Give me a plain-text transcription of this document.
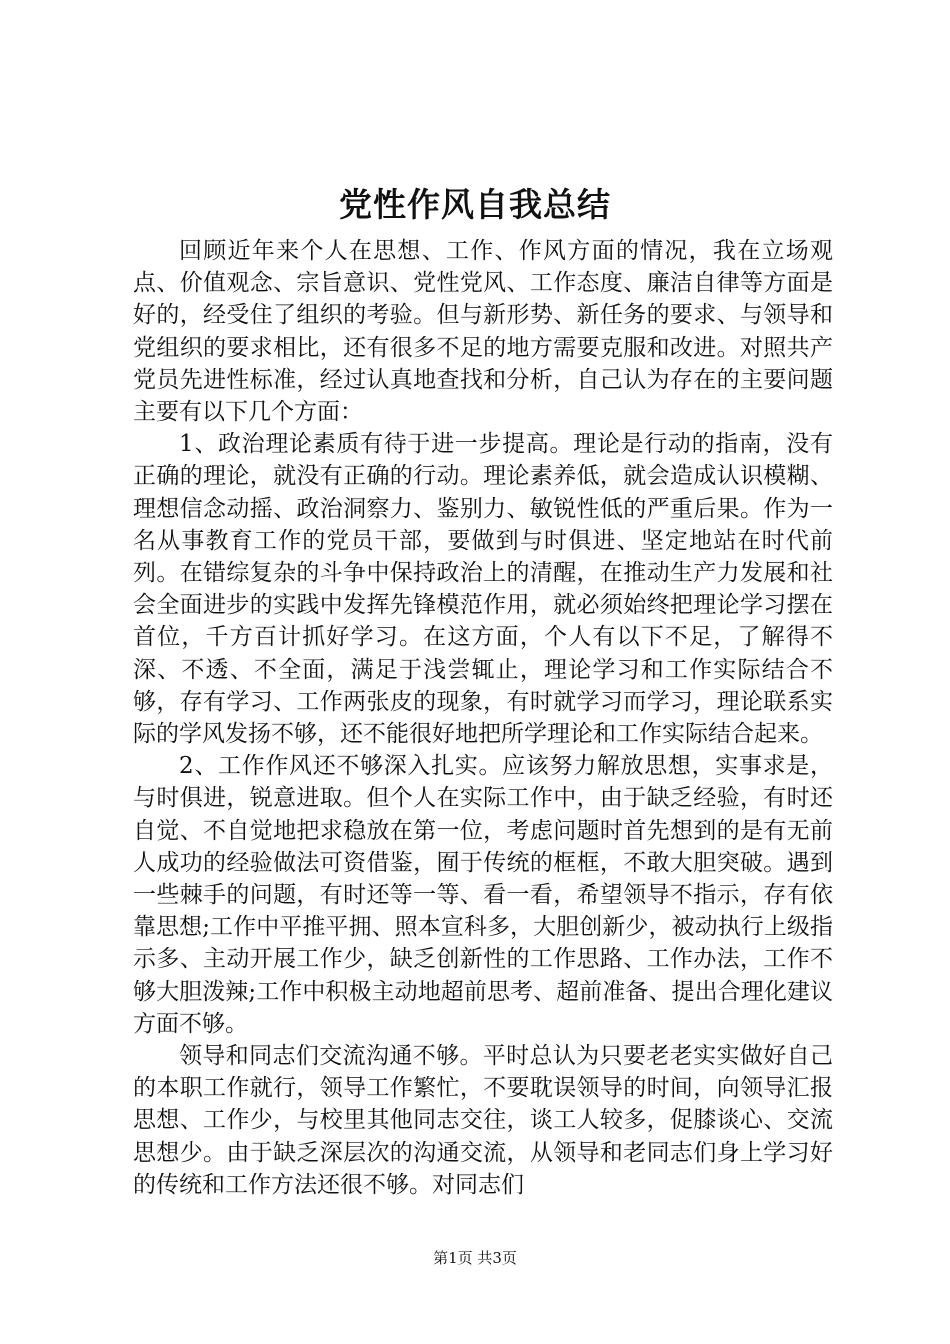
党性作风自我总结

回顾近年来个人在思想、工作、作风方面的情况，我在立场观点、价值观念、宗旨意识、党性党风、工作态度、廉洁自律等方面是好的，经受住了组织的考验。但与新形势、新任务的要求、与领导和党组织的要求相比，还有很多不足的地方需要克服和改进。对照共产党员先进性标准，经过认真地查找和分析，自己认为存在的主要问题主要有以下几个方面：

1、政治理论素质有待于进一步提高。理论是行动的指南，没有正确的理论，就没有正确的行动。理论素养低，就会造成认识模糊、理想信念动摇、政治洞察力、鉴别力、敏锐性低的严重后果。作为一名从事教育工作的党员干部，要做到与时俱进、坚定地站在时代前列。在错综复杂的斗争中保持政治上的清醒，在推动生产力发展和社会全面进步的实践中发挥先锋模范作用，就必须始终把理论学习摆在首位，千方百计抓好学习。在这方面，个人有以下不足，了解得不深、不透、不全面，满足于浅尝辄止，理论学习和工作实际结合不够，存有学习、工作两张皮的现象，有时就学习而学习，理论联系实际的学风发扬不够，还不能很好地把所学理论和工作实际结合起来。

2、工作作风还不够深入扎实。应该努力解放思想，实事求是，与时俱进，锐意进取。但个人在实际工作中，由于缺乏经验，有时还自觉、不自觉地把求稳放在第一位，考虑问题时首先想到的是有无前人成功的经验做法可资借鉴，囿于传统的框框，不敢大胆突破。遇到一些棘手的问题，有时还等一等、看一看，希望领导不指示，存有依靠思想;工作中平推平拥、照本宣科多，大胆创新少，被动执行上级指示多、主动开展工作少，缺乏创新性的工作思路、工作办法，工作不够大胆泼辣;工作中积极主动地超前思考、超前准备、提出合理化建议方面不够。

领导和同志们交流沟通不够。平时总认为只要老老实实做好自己的本职工作就行，领导工作繁忙，不要耽误领导的时间，向领导汇报思想、工作少，与校里其他同志交往，谈工人较多，促膝谈心、交流思想少。由于缺乏深层次的沟通交流，从领导和老同志们身上学习好的传统和工作方法还很不够。对同志们

第1页 共3页
